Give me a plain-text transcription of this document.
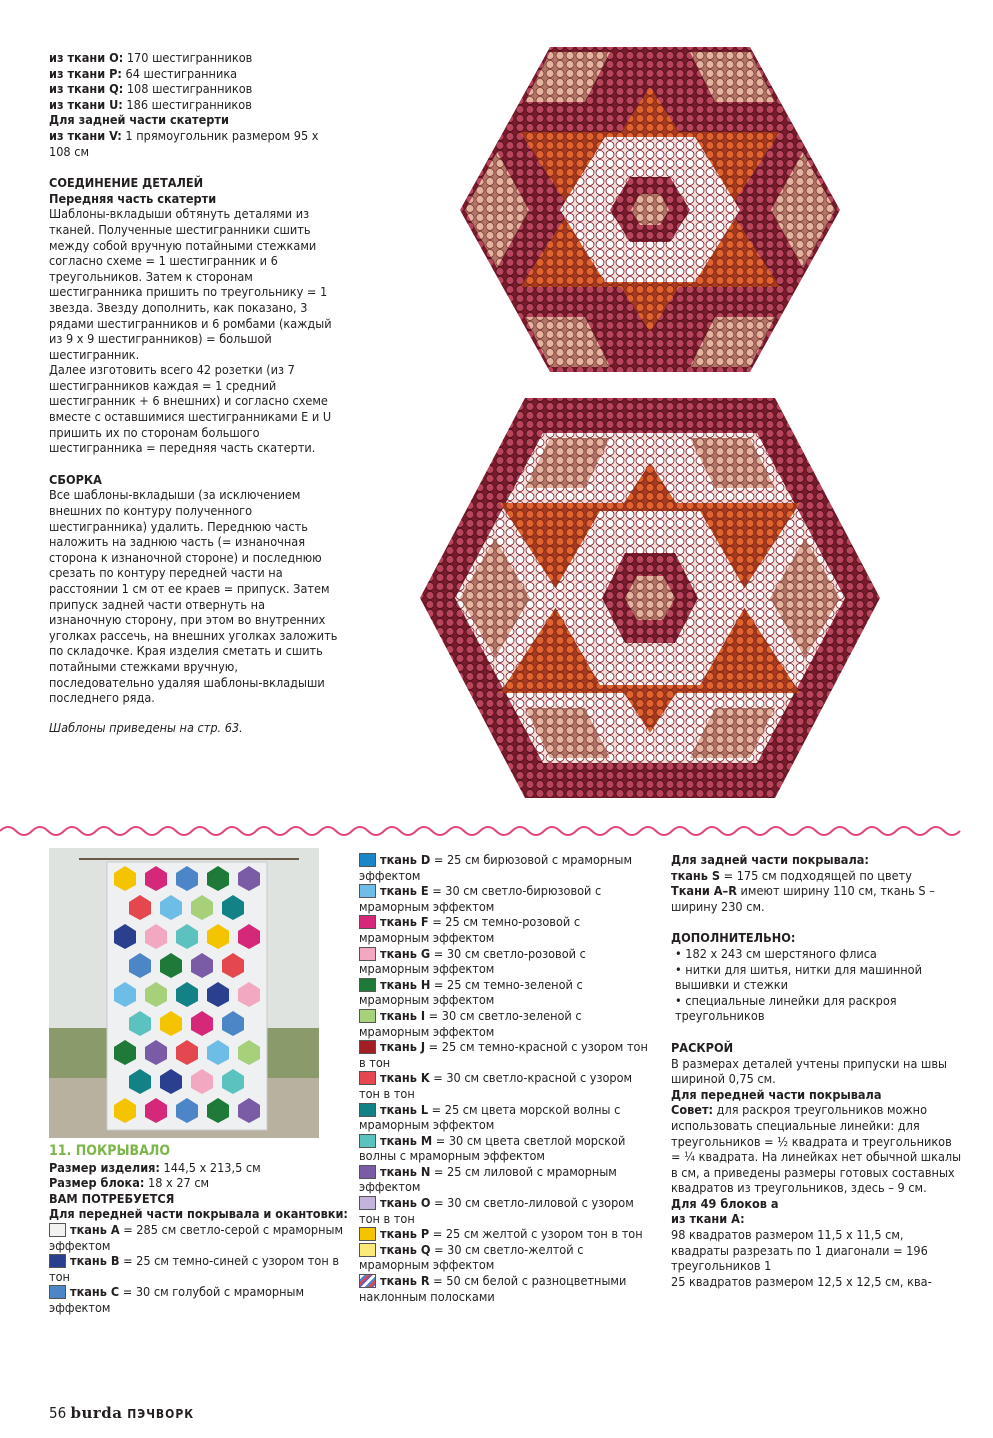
из ткани O: 170 шестигранников

из ткани P: 64 шестигранника

из ткани Q: 108 шестигранников

из ткани U: 186 шестигранников

Для задней части скатерти

из ткани V: 1 прямоугольник размером 95 x 108 см

СОЕДИНЕНИЕ ДЕТАЛЕЙ

Передняя часть скатерти

Шаблоны-вкладыши обтянуть деталями из тканей. Полученные шестигранники сшить между собой вручную потайными стежками согласно схеме = 1 шестигранник и 6 треугольников. Затем к сторонам шестигранника пришить по треугольнику = 1 звезда. Звезду дополнить, как показано, 3 рядами шестигранников и 6 ромбами (каждый из 9 x 9 шестигранников) = большой шестигранник.

Далее изготовить всего 42 розетки (из 7 шестигранников каждая = 1 средний шестигранник + 6 внешних) и согласно схеме вместе с оставшимися шестигранниками E и U пришить их по сторонам большого шестигранника = передняя часть скатерти.

СБОРКА

Все шаблоны-вкладыши (за исключением внешних по контуру полученного шестигранника) удалить. Переднюю часть наложить на заднюю часть (= изнаночная сторона к изнаночной стороне) и последнюю срезать по контуру передней части на расстоянии 1 см от ее краев = припуск. Затем припуск задней части отвернуть на изнаночную сторону, при этом во внутренних уголках рассечь, на внешних уголках заложить по складочке. Края изделия сметать и сшить потайными стежками вручную, последовательно удаляя шаблоны-вкладыши последнего ряда.

Шаблоны приведены на стр. 63.

11. ПОКРЫВАЛО

Размер изделия: 144,5 x 213,5 см

Размер блока: 18 x 27 см

ВАМ ПОТРЕБУЕТСЯ

Для передней части покрывала и окантовки:

ткань A = 285 см светло-серой с мраморным эффектом

ткань B = 25 см темно-синей с узором тон в тон

ткань C = 30 см голубой с мраморным эффектом

ткань D = 25 см бирюзовой с мраморным эффектом

ткань E = 30 см светло-бирюзовой с мраморным эффектом

ткань F = 25 см темно-розовой с мраморным эффектом

ткань G = 30 см светло-розовой с мраморным эффектом

ткань H = 25 см темно-зеленой с мраморным эффектом

ткань I = 30 см светло-зеленой с мраморным эффектом

ткань J = 25 см темно-красной с узором тон в тон

ткань K = 30 см светло-красной с узором тон в тон

ткань L = 25 см цвета морской волны с мраморным эффектом

ткань M = 30 см цвета светлой морской волны с мраморным эффектом

ткань N = 25 см лиловой с мраморным эффектом

ткань O = 30 см светло-лиловой с узором тон в тон

ткань P = 25 см желтой с узором тон в тон

ткань Q = 30 см светло-желтой с мраморным эффектом

ткань R = 50 см белой с разноцветными наклонным полосками

Для задней части покрывала:

ткань S = 175 см подходящей по цвету

Ткани A–R имеют ширину 110 см, ткань S – ширину 230 см.

ДОПОЛНИТЕЛЬНО:

• 182 x 243 см шерстяного флиса

• нитки для шитья, нитки для машинной вышивки и стежки

• специальные линейки для раскроя треугольников

РАСКРОЙ

В размерах деталей учтены припуски на швы шириной 0,75 см.

Для передней части покрывала

Совет: для раскроя треугольников можно использовать специальные линейки: для треугольников = ½ квадрата и треугольников = ¼ квадрата. На линейках нет обычной шкалы в см, а приведены размеры готовых составных квадратов из треугольников, здесь – 9 см.

Для 49 блоков а

из ткани A:

98 квадратов размером 11,5 x 11,5 см, квадраты разрезать по 1 диагонали = 196 треугольников 1

25 квадратов размером 12,5 x 12,5 см, ква-

56 burda ПЭЧВОРК
